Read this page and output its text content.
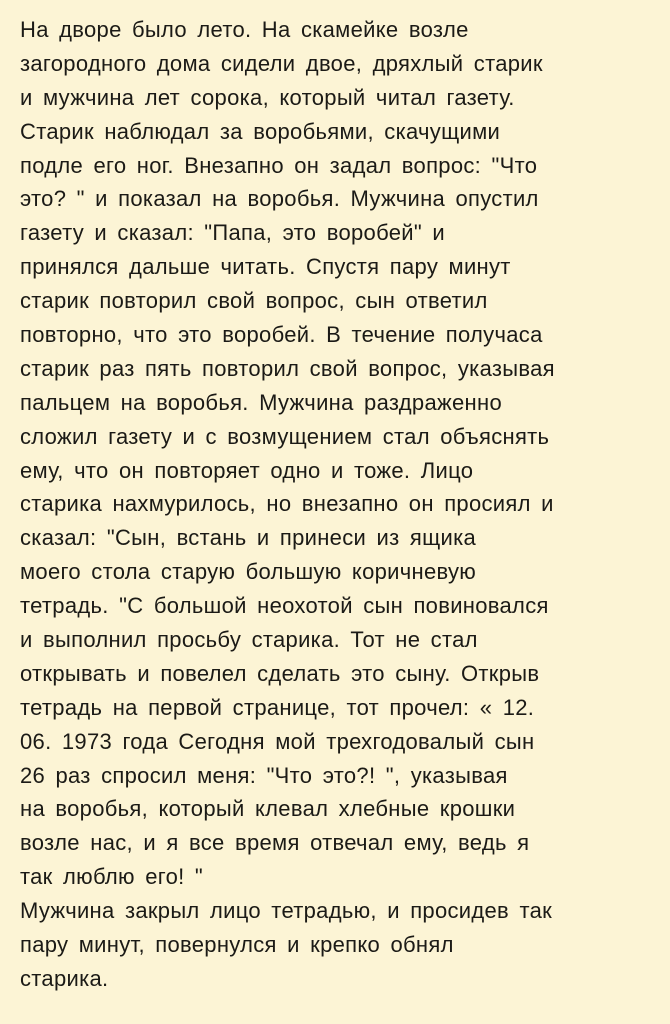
На дворе было лето. На скамейке возле
загородного дома сидели двое, дряхлый старик
и мужчина лет сорока, который читал газету.
Старик наблюдал за воробьями, скачущими
подле его ног. Внезапно он задал вопрос: "Что
это? " и показал на воробья. Мужчина опустил
газету и сказал: "Папа, это воробей" и
принялся дальше читать. Спустя пару минут
старик повторил свой вопрос, сын ответил
повторно, что это воробей. В течение получаса
старик раз пять повторил свой вопрос, указывая
пальцем на воробья. Мужчина раздраженно
сложил газету и с возмущением стал объяснять
ему, что он повторяет одно и тоже. Лицо
старика нахмурилось, но внезапно он просиял и
сказал: "Сын, встань и принеси из ящика
моего стола старую большую коричневую
тетрадь. "С большой неохотой сын повиновался
и выполнил просьбу старика. Тот не стал
открывать и повелел сделать это сыну. Открыв
тетрадь на первой странице, тот прочел: « 12.
06. 1973 года Сегодня мой трехгодовалый сын
26 раз спросил меня: "Что это?! ", указывая
на воробья, который клевал хлебные крошки
возле нас, и я все время отвечал ему, ведь я
так люблю его! "
Мужчина закрыл лицо тетрадью, и просидев так
пару минут, повернулся и крепко обнял
старика.
